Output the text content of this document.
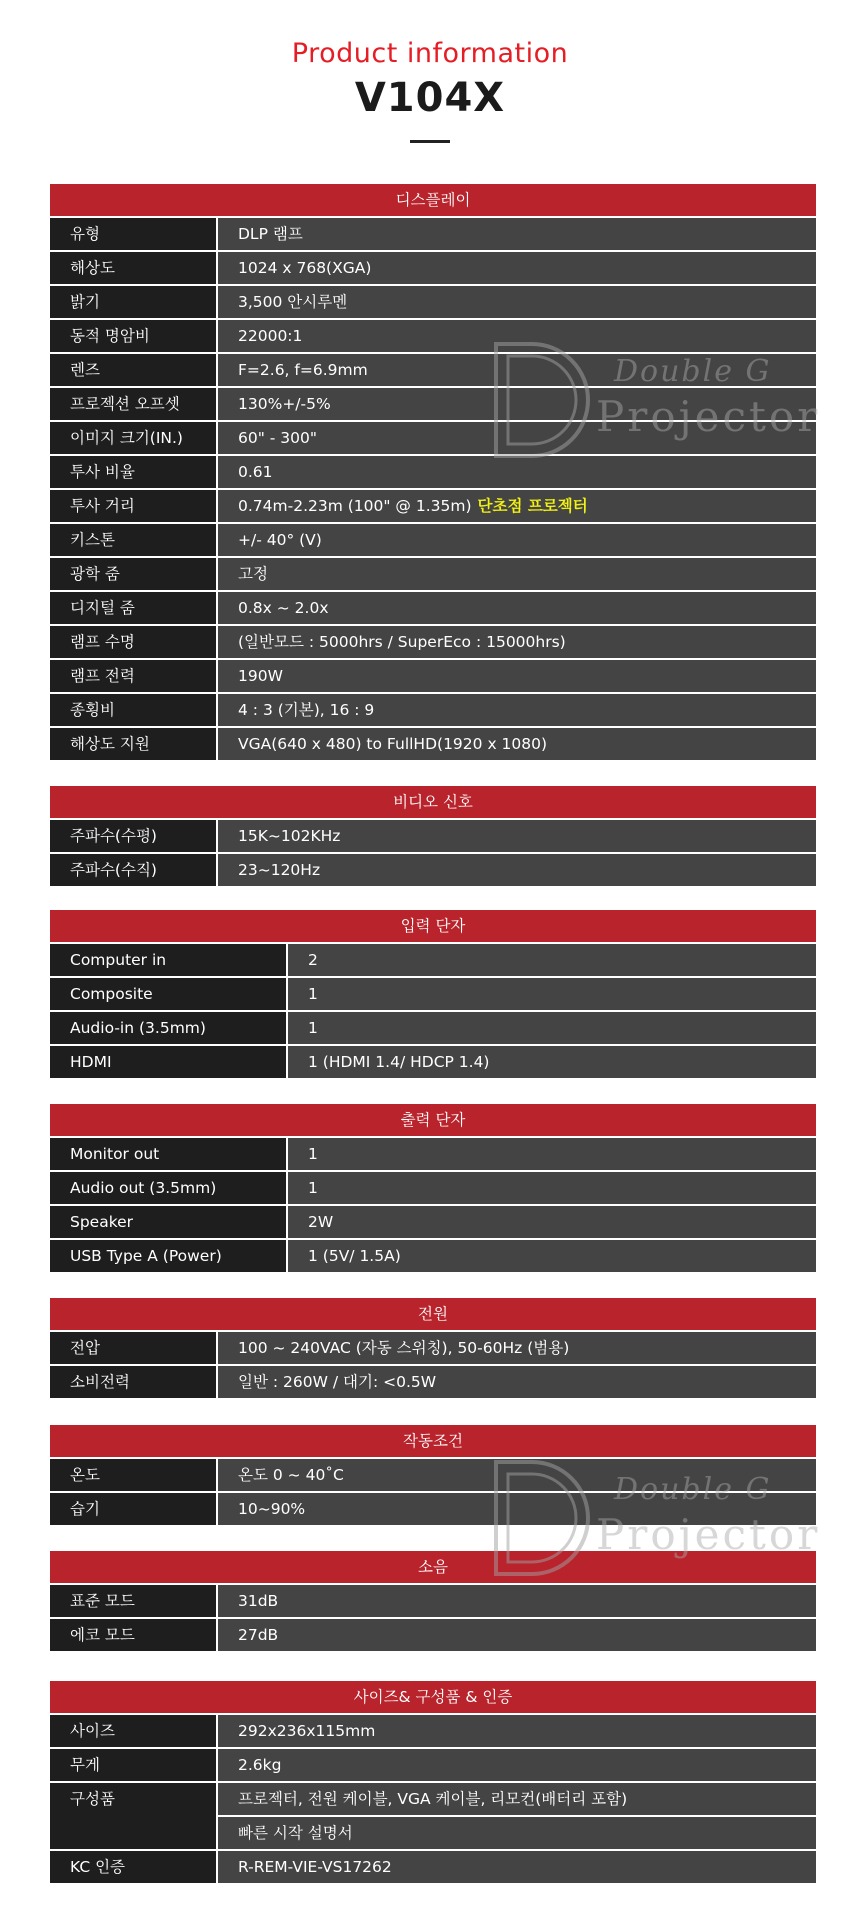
Product information
V104X
디스플레이
유형	DLP 램프
해상도	1024 x 768(XGA)
밝기	3,500 안시루멘
동적 명암비	22000:1
렌즈	F=2.6, f=6.9mm
프로젝션 오프셋	130%+/-5%
이미지 크기(IN.)	60" - 300"
투사 비율	0.61
투사 거리	0.74m-2.23m (100" @ 1.35m) 단초점 프로젝터
키스톤	+/- 40° (V)
광학 줌	고정
디지털 줌	0.8x ~ 2.0x
램프 수명	(일반모드 : 5000hrs / SuperEco : 15000hrs)
램프 전력	190W
종횡비	4 : 3 (기본), 16 : 9
해상도 지원	VGA(640 x 480) to FullHD(1920 x 1080)
비디오 신호
주파수(수평)	15K~102KHz
주파수(수직)	23~120Hz
입력 단자
Computer in	2
Composite	1
Audio-in (3.5mm)	1
HDMI	1 (HDMI 1.4/ HDCP 1.4)
출력 단자
Monitor out	1
Audio out (3.5mm)	1
Speaker	2W
USB Type A (Power)	1 (5V/ 1.5A)
전원
전압	100 ~ 240VAC (자동 스위칭), 50-60Hz (범용)
소비전력	일반 : 260W / 대기: <0.5W
작동조건
온도	온도 0 ~ 40˚C
습기	10~90%
소음
표준 모드	31dB
에코 모드	27dB
사이즈& 구성품 & 인증
사이즈	292x236x115mm
무게	2.6kg
구성품	프로젝터, 전원 케이블, VGA 케이블, 리모컨(배터리 포함)
빠른 시작 설명서
KC 인증	R-REM-VIE-VS17262
Double G
Projector
Double G
Projector
